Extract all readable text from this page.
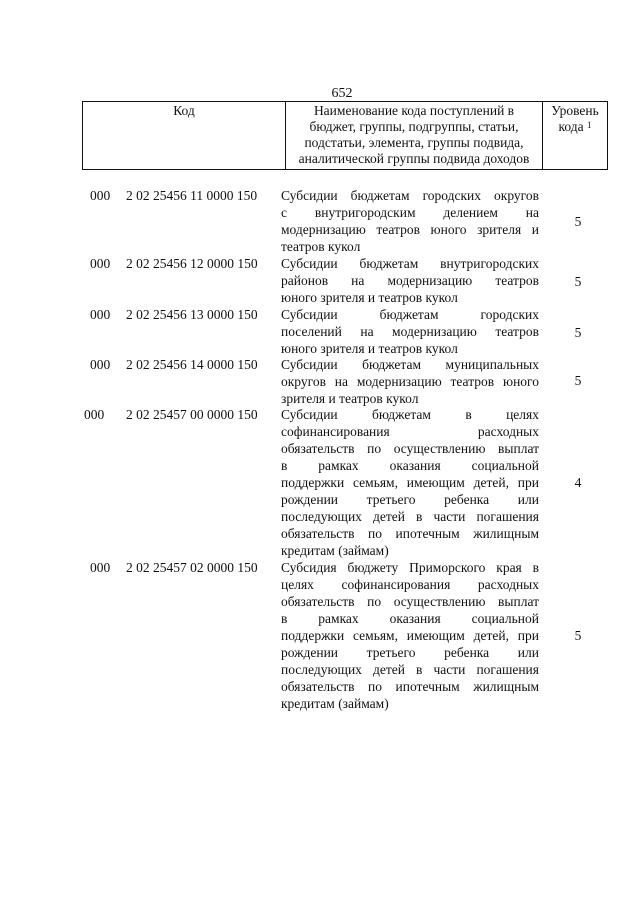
652
Код	Наименование кода поступлений в
бюджет, группы, подгруппы, статьи,
подстатьи, элемента, группы подвида,
аналитической группы подвида доходов
Уровень
кода $^1$
000 2 02 25456 11 0000 150 Субсидии бюджетам городских округов
с внутригородским делением на
модернизацию театров юного зрителя и
театров кукол
5
000 2 02 25456 12 0000 150 Субсидии бюджетам внутригородских
районов на модернизацию театров
юного зрителя и театров кукол
5
000 2 02 25456 13 0000 150 Субсидии бюджетам городских
поселений на модернизацию театров
юного зрителя и театров кукол
5
000 2 02 25456 14 0000 150 Субсидии бюджетам муниципальных
округов на модернизацию театров юного
зрителя и театров кукол
5
000 2 02 25457 00 0000 150 Субсидии бюджетам в целях
софинансирования расходных
обязательств по осуществлению выплат
в рамках оказания социальной
поддержки семьям, имеющим детей, при
рождении третьего ребенка или
последующих детей в части погашения
обязательств по ипотечным жилищным
кредитам (займам)
4
000 2 02 25457 02 0000 150 Субсидия бюджету Приморского края в
целях софинансирования расходных
обязательств по осуществлению выплат
в рамках оказания социальной
поддержки семьям, имеющим детей, при
рождении третьего ребенка или
последующих детей в части погашения
обязательств по ипотечным жилищным
кредитам (займам)
5
